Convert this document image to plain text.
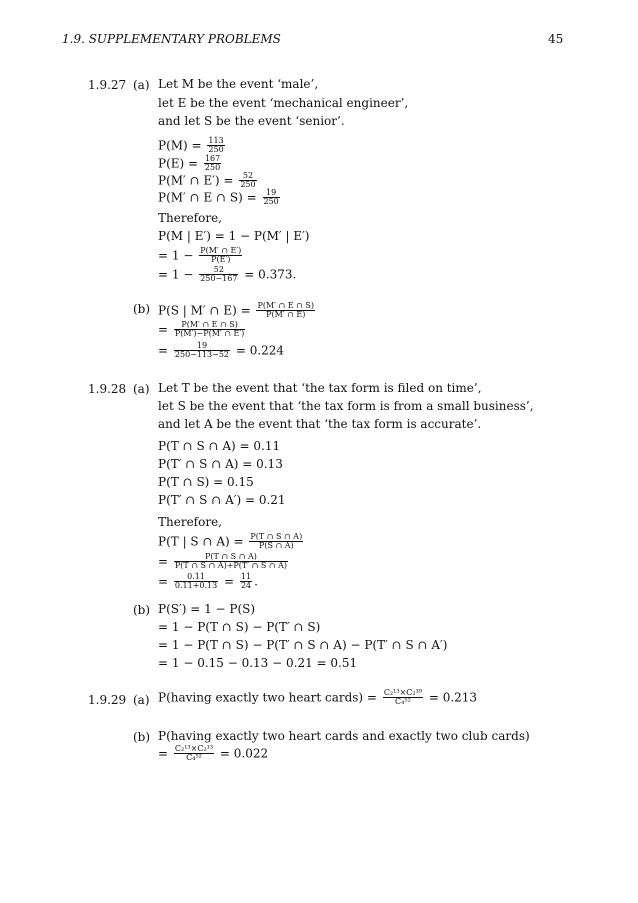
1.9. SUPPLEMENTARY PROBLEMS	45
1.9.27 (a) Let M be the event ‘male’,
let E be the event ‘mechanical engineer’,
and let S be the event ‘senior’.
$P(M) = \frac{113}{250}$
$P(E) = \frac{167}{250}$
P(M′ ∩ $E') = \frac{52}{250}$
P(M′ ∩ E ∩ $S) = \frac{19}{250}$
Therefore,
P(M | E′) = 1 − P(M′ | E′)
= $1 - \frac{P(M' \cap E')}{P(E')}$
= $1 - \frac{52}{250-167} = 0.373$.
(b) P(S | M′ ∩ $E) = \frac{P(M' \cap E \cap S)}{P(M' \cap E)}$
= $\frac{P(M' \cap E \cap S)}{P(M')-P(M' \cap E')}$
= $\frac{19}{250-113-52} = 0.224$
1.9.28 (a) Let T be the event that ‘the tax form is filed on time’,
let S be the event that ‘the tax form is from a small business’,
and let A be the event that ‘the tax form is accurate’.
P(T ∩ S ∩ A) = 0.11
P(T′ ∩ S ∩ A) = 0.13
P(T ∩ S) = 0.15
P(T′ ∩ S ∩ A′) = 0.21
Therefore,
P(T | S ∩ $A) = \frac{P(T \cap S \cap A)}{P(S \cap A)}$
= $\frac{P(T \cap S \cap A)}{P(T \cap S \cap A)+P(T' \cap S \cap A)}$
= $\frac{0.11}{0.11+0.13} = \frac{11}{24}$ .
(b) P(S′) = 1 − P(S)
= 1 − P(T ∩ S) − P(T′ ∩ S)
= 1 − P(T ∩ S) − P(T′ ∩ S ∩ A) − P(T′ ∩ S ∩ A′)
= 1 − 0.15 − 0.13 − 0.21 = 0.51
1.9.29 (a) P(having exactly two heart cards) = $\frac{\text{C₂¹³×C₂³⁹}}{\text{C₄⁵²}} = 0.213$
(b) P(having exactly two heart cards and exactly two club cards)
= $\frac{\text{C₂¹³×C₂¹³}}{\text{C₄⁵²}} = 0.022$
